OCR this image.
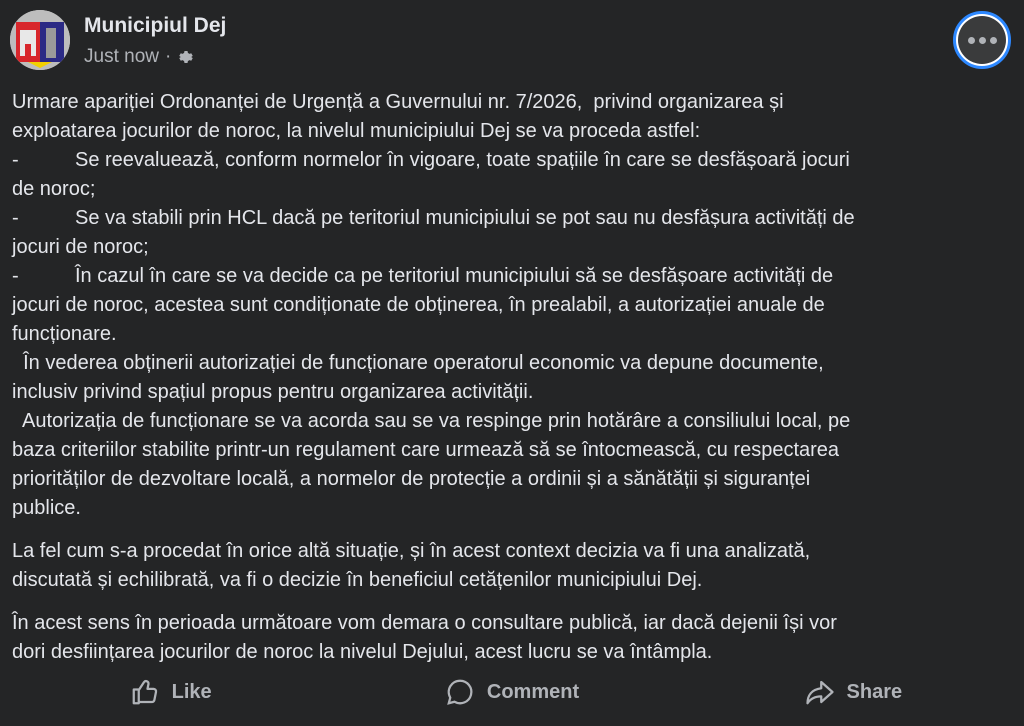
Municipiul Dej
Just now ·
Urmare apariției Ordonanței de Urgență a Guvernului nr. 7/2026,  privind organizarea și
exploatarea jocurilor de noroc, la nivelul municipiului Dej se va proceda astfel:
-	Se reevaluează, conform normelor în vigoare, toate spațiile în care se desfășoară jocuri
de noroc;
-	Se va stabili prin HCL dacă pe teritoriul municipiului se pot sau nu desfășura activități de
jocuri de noroc;
-	În cazul în care se va decide ca pe teritoriul municipiului să se desfășoare activități de
jocuri de noroc, acestea sunt condiționate de obținerea, în prealabil, a autorizației anuale de
funcționare.
În vederea obținerii autorizației de funcționare operatorul economic va depune documente,
inclusiv privind spațiul propus pentru organizarea activității.
Autorizația de funcționare se va acorda sau se va respinge prin hotărâre a consiliului local, pe
baza criteriilor stabilite printr-un regulament care urmează să se întocmească, cu respectarea
priorităților de dezvoltare locală, a normelor de protecție a ordinii și a sănătății și siguranței
publice.
La fel cum s-a procedat în orice altă situație, și în acest context decizia va fi una analizată,
discutată și echilibrată, va fi o decizie în beneficiul cetățenilor municipiului Dej.
În acest sens în perioada următoare vom demara o consultare publică, iar dacă dejenii își vor
dori desființarea jocurilor de noroc la nivelul Dejului, acest lucru se va întâmpla.
Like	Comment	Share
